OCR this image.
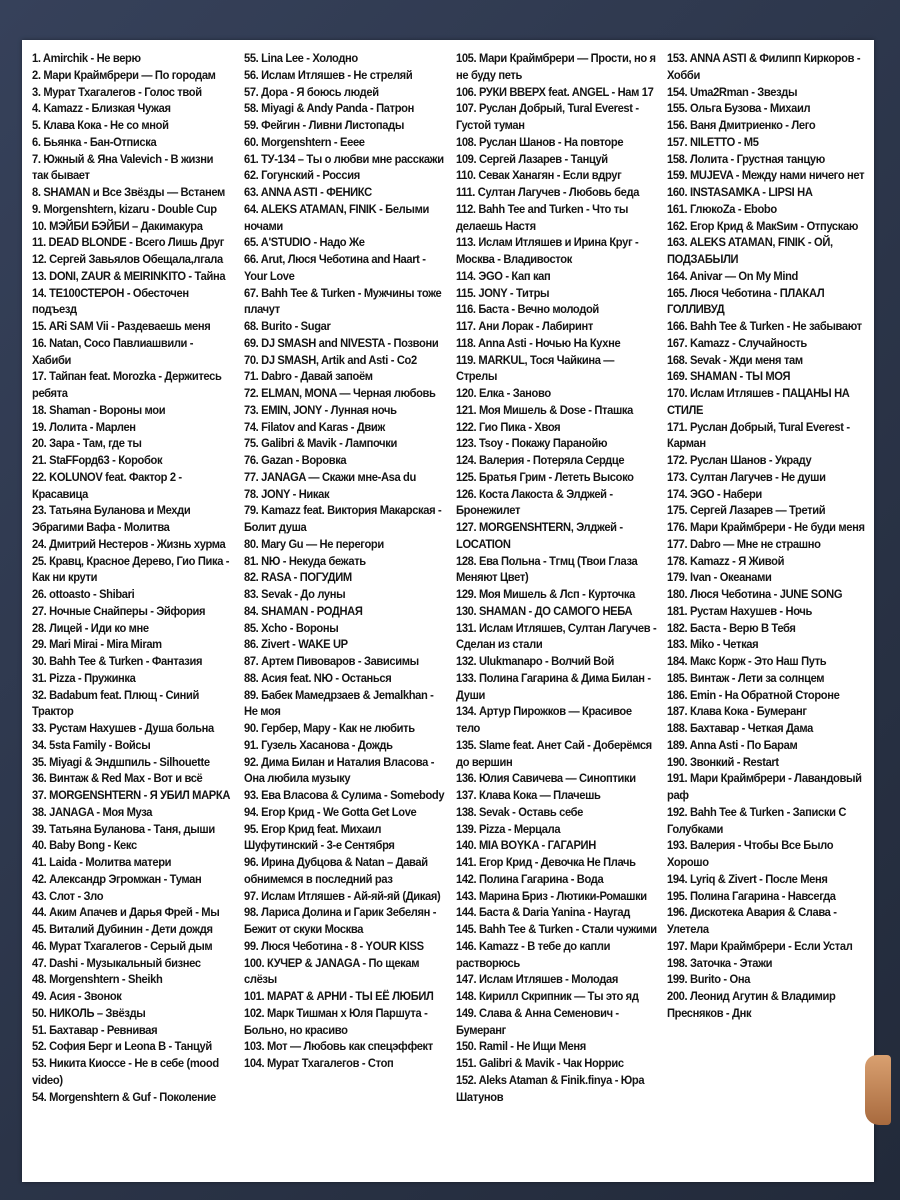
1. Amirchik - Не верю
2. Мари Краймбрери — По городам
3. Мурат Тхагалегов - Голос твой
4. Kamazz - Близкая Чужая
5. Клава Кока - Не со мной
6. Бьянка - Бан-Отписка
7. Южный & Яна Valevich - В жизни так бывает
8. SHAMAN и Все Звёзды — Встанем
9. Morgenshtern, kizaru - Double Cup
10. МЭЙБИ БЭЙБИ – Дакимакура
11. DEAD BLONDE - Всего Лишь Друг
12. Сергей Завьялов Обещала,лгала
13. DONI, ZAUR & MEIRINKITO - Тайна
14. ТЕ100СТЕРОН - Обесточен подъезд
15. ARi SAM Vii - Раздеваешь меня
16. Natan, Coco Павлиашвили - Хабиби
17. Тайпан feat. Morozka - Держитесь ребята
18. Shaman - Вороны мои
19. Лолита - Марлен
20. Зара - Там, где ты
21. StaFFорд63 - Коробок
22. KOLUNOV feat. Фактор 2 - Красавица
23. Татьяна Буланова и Мехди Эбрагими Вафа - Молитва
24. Дмитрий Нестеров - Жизнь хурма
25. Кравц, Красное Дерево, Гио Пика - Как ни крути
26. ottoasto - Shibari
27. Ночные Снайперы - Эйфория
28. Лицей - Иди ко мне
29. Mari Mirai - Mira Miram
30. Bahh Tee & Turken - Фантазия
31. Pizza - Пружинка
32. Badabum feat. Плющ - Синий Трактор
33. Рустам Нахушев - Душа больна
34. 5sta Family - Войсы
35. Miyagi & Эндшпиль - Silhouette
36. Винтаж & Red Max - Вот и всё
37. MORGENSHTERN - Я УБИЛ МАРКА
38. JANAGA - Моя Муза
39. Татьяна Буланова - Таня, дыши
40. Baby Bong - Кекс
41. Laida - Молитва матери
42. Александр Эгромжан - Туман
43. Слот - Зло
44. Аким Апачев и Дарья Фрей - Мы
45. Виталий Дубинин - Дети дождя
46. Мурат Тхагалегов - Серый дым
47. Dashi - Музыкальный бизнес
48. Morgenshtern - Sheikh
49. Асия - Звонок
50. НИКОЛЬ – Звёзды
51. Бахтавар - Ревнивая
52. София Берг и Leona B - Танцуй
53. Никита Киоссе - Не в себе (mood video)
54. Morgenshtern & Guf - Поколение
55. Lina Lee - Холодно
56. Ислам Итляшев - Не стреляй
57. Дора - Я боюсь людей
58. Miyagi & Andy Panda - Патрон
59. Фейгин - Ливни Листопады
60. Morgenshtern - Еeee
61. ТУ-134 – Ты о любви мне расскажи
62. Гогунский - Россия
63. ANNA ASTI - ФЕНИКС
64. ALEKS ATAMAN, FINIK - Белыми ночами
65. A'STUDIO - Надо Же
66. Arut, Люся Чеботина and Haart - Your Love
67. Bahh Tee & Turken - Мужчины тоже плачут
68. Burito - Sugar
69. DJ SMASH and NIVESTA - Позвони
70. DJ SMASH, Artik and Asti - Со2
71. Dabro - Давай запоём
72. ELMAN, MONA — Черная любовь
73. EMIN, JONY - Лунная ночь
74. Filatov and Karas - Движ
75. Galibri & Mavik - Лампочки
76. Gazan - Воровка
77. JANAGA — Скажи мне-Asa du
78. JONY - Никак
79. Kamazz feat. Виктория Макарская - Болит душа
80. Mary Gu — Не перегори
81. NЮ - Некуда бежать
82. RASA - ПОГУДИМ
83. Sevak - До луны
84. SHAMAN - РОДНАЯ
85. Xcho - Вороны
86. Zivert - WAKE UP
87. Артем Пивоваров - Зависимы
88. Асия feat. NЮ - Останься
89. Бабек Мамедрзаев & Jemalkhan - Не моя
90. Гербер, Мару - Как не любить
91. Гузель Хасанова - Дождь
92. Дима Билан и Наталия Власова - Она любила музыку
93. Ева Власова & Сулима - Somebody
94. Егор Крид - We Gotta Get Love
95. Егор Крид feat. Михаил Шуфутинский - 3-е Сентября
96. Ирина Дубцова & Natan – Давай обнимемся в последний раз
97. Ислам Итляшев - Ай-яй-яй (Дикая)
98. Лариса Долина и Гарик Зебелян - Бежит от скуки Москва
99. Люся Чеботина - 8 - YOUR KISS
100. КУЧЕР & JANAGA - По щекам слёзы
101. МАРАТ & АРНИ - ТЫ ЕЁ ЛЮБИЛ
102. Марк Тишман х Юля Паршута - Больно, но красиво
103. Мот — Любовь как спецэффект
104. Мурат Тхагалегов - Стоп
105. Мари Краймбрери — Прости, но я не буду петь
106. РУКИ ВВЕРХ feat. ANGEL - Нам 17
107. Руслан Добрый, Tural Everest - Густой туман
108. Руслан Шанов - На повторе
109. Сергей Лазарев - Танцуй
110. Севак Ханагян - Если вдруг
111. Султан Лагучев - Любовь беда
112. Bahh Tee and Turken - Что ты делаешь Настя
113. Ислам Итляшев и Ирина Круг - Москва - Владивосток
114. ЭGO - Кап кап
115. JONY - Титры
116. Баста - Вечно молодой
117. Ани Лорак - Лабиринт
118. Anna Asti - Ночью На Кухне
119. MARKUL, Тося Чайкина — Стрелы
120. Елка - Заново
121. Моя Мишель & Dose - Пташка
122. Гио Пика - Хвоя
123. Tsoy - Покажу Паранойю
124. Валерия - Потеряла Сердце
125. Братья Грим - Лететь Высоко
126. Коста Лакоста & Элджей - Бронежилет
127. MORGENSHTERN, Элджей - LOCATION
128. Ева Польна - Тгмц (Твои Глаза Меняют Цвет)
129. Моя Мишель & Лсп - Курточка
130. SHAMAN - ДО САМОГО НЕБА
131. Ислам Итляшев, Султан Лагучев - Сделан из стали
132. Ulukmanapo - Волчий Вой
133. Полина Гагарина & Дима Билан - Души
134. Артур Пирожков — Красивое тело
135. Slame feat. Анет Сай - Доберёмся до вершин
136. Юлия Савичева — Синоптики
137. Клава Кока — Плачешь
138. Sevak - Оставь себе
139. Pizza - Мерцала
140. MIA BOYKA - ГАГАРИН
141. Егор Крид - Девочка Не Плачь
142. Полина Гагарина - Вода
143. Марина Бриз - Лютики-Ромашки
144. Баста & Daria Yanina - Наугад
145. Bahh Tee & Turken - Стали чужими
146. Kamazz - В тебе до капли растворюсь
147. Ислам Итляшев - Молодая
148. Кирилл Скрипник — Ты это яд
149. Слава & Анна Семенович - Бумеранг
150. Ramil - Не Ищи Меня
151. Galibri & Mavik - Чак Норрис
152. Aleks Ataman & Finik.finya - Юра Шатунов
153. ANNA ASTI & Филипп Киркоров - Хобби
154. Uma2Rman - Звезды
155. Ольга Бузова - Михаил
156. Ваня Дмитриенко - Лего
157. NILETTO - M5
158. Лолита - Грустная танцую
159. MUJEVA - Между нами ничего нет
160. INSTASAMKA - LIPSI HA
161. ГлюкоZa - Ebobo
162. Егор Крид & МакSим - Отпускаю
163. ALEKS ATAMAN, FINIK - ОЙ, ПОДЗАБЫЛИ
164. Anivar — On My Mind
165. Люся Чеботина - ПЛАКАЛ ГОЛЛИВУД
166. Bahh Tee & Turken - Не забывают
167. Kamazz - Случайность
168. Sevak - Жди меня там
169. SHAMAN - ТЫ МОЯ
170. Ислам Итляшев - ПАЦАНЫ НА СТИЛЕ
171. Руслан Добрый, Tural Everest - Карман
172. Руслан Шанов - Украду
173. Султан Лагучев - Не души
174. ЭGO - Набери
175. Сергей Лазарев — Третий
176. Мари Краймбрери - Не буди меня
177. Dabro — Мне не страшно
178. Kamazz - Я Живой
179. Ivan - Океанами
180. Люся Чеботина - JUNE SONG
181. Рустам Нахушев - Ночь
182. Баста - Верю В Тебя
183. Miko - Четкая
184. Макс Корж - Это Наш Путь
185. Винтаж - Лети за солнцем
186. Emin - На Обратной Стороне
187. Клава Кока - Бумеранг
188. Бахтавар - Четкая Дама
189. Anna Asti - По Барам
190. Звонкий - Restart
191. Мари Краймбрери - Лавандовый раф
192. Bahh Tee & Turken - Записки С Голубками
193. Валерия - Чтобы Все Было Хорошо
194. Lyriq & Zivert - После Меня
195. Полина Гагарина - Навсегда
196. Дискотека Авария & Слава - Улетела
197. Мари Краймбрери - Если Устал
198. Заточка - Этажи
199. Burito - Она
200. Леонид Агутин & Владимир Пресняков - Днк
